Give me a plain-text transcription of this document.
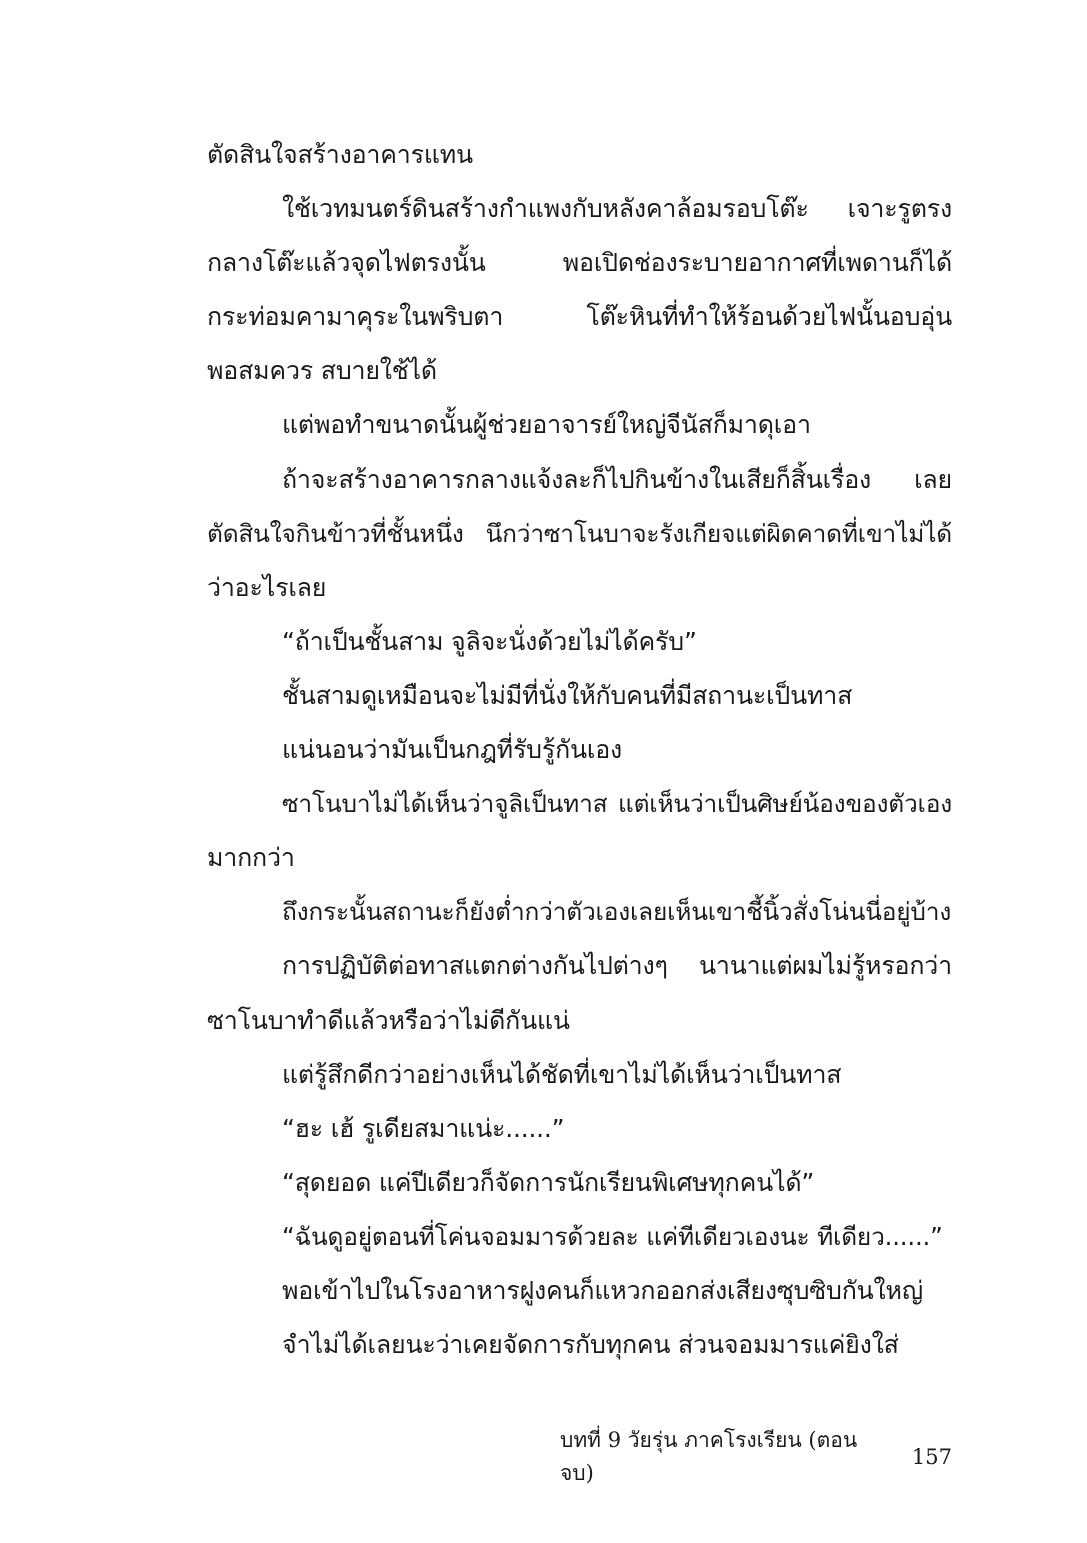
ตัดสินใจสร้างอาคารแทน
ใช้เวทมนตร์ดินสร้างกำแพงกับหลังคาล้อมรอบโต๊ะ เจาะรูตรง
กลางโต๊ะแล้วจุดไฟตรงนั้น พอเปิดช่องระบายอากาศที่เพดานก็ได้
กระท่อมคามาคุระในพริบตา โต๊ะหินที่ทำให้ร้อนด้วยไฟนั้นอบอุ่น
พอสมควร สบายใช้ได้
แต่พอทำขนาดนั้นผู้ช่วยอาจารย์ใหญ่จีนัสก็มาดุเอา
ถ้าจะสร้างอาคารกลางแจ้งละก็ไปกินข้างในเสียก็สิ้นเรื่อง เลย
ตัดสินใจกินข้าวที่ชั้นหนึ่ง นึกว่าซาโนบาจะรังเกียจแต่ผิดคาดที่เขาไม่ได้
ว่าอะไรเลย
“ถ้าเป็นชั้นสาม จูลิจะนั่งด้วยไม่ได้ครับ”
ชั้นสามดูเหมือนจะไม่มีที่นั่งให้กับคนที่มีสถานะเป็นทาส
แน่นอนว่ามันเป็นกฎที่รับรู้กันเอง
ซาโนบาไม่ได้เห็นว่าจูลิเป็นทาส แต่เห็นว่าเป็นศิษย์น้องของตัวเอง
มากกว่า
ถึงกระนั้นสถานะก็ยังต่ำกว่าตัวเองเลยเห็นเขาชี้นิ้วสั่งโน่นนี่อยู่บ้าง
การปฏิบัติต่อทาสแตกต่างกันไปต่างๆ นานาแต่ผมไม่รู้หรอกว่า
ซาโนบาทำดีแล้วหรือว่าไม่ดีกันแน่
แต่รู้สึกดีกว่าอย่างเห็นได้ชัดที่เขาไม่ได้เห็นว่าเป็นทาส
“ฮะ เฮ้ รูเดียสมาแน่ะ......”
“สุดยอด แค่ปีเดียวก็จัดการนักเรียนพิเศษทุกคนได้”
“ฉันดูอยู่ตอนที่โค่นจอมมารด้วยละ แค่ทีเดียวเองนะ ทีเดียว......”
พอเข้าไปในโรงอาหารฝูงคนก็แหวกออกส่งเสียงซุบซิบกันใหญ่
จำไม่ได้เลยนะว่าเคยจัดการกับทุกคน ส่วนจอมมารแค่ยิงใส่
บทที่ 9 วัยรุ่น ภาคโรงเรียน (ตอนจบ)
157
